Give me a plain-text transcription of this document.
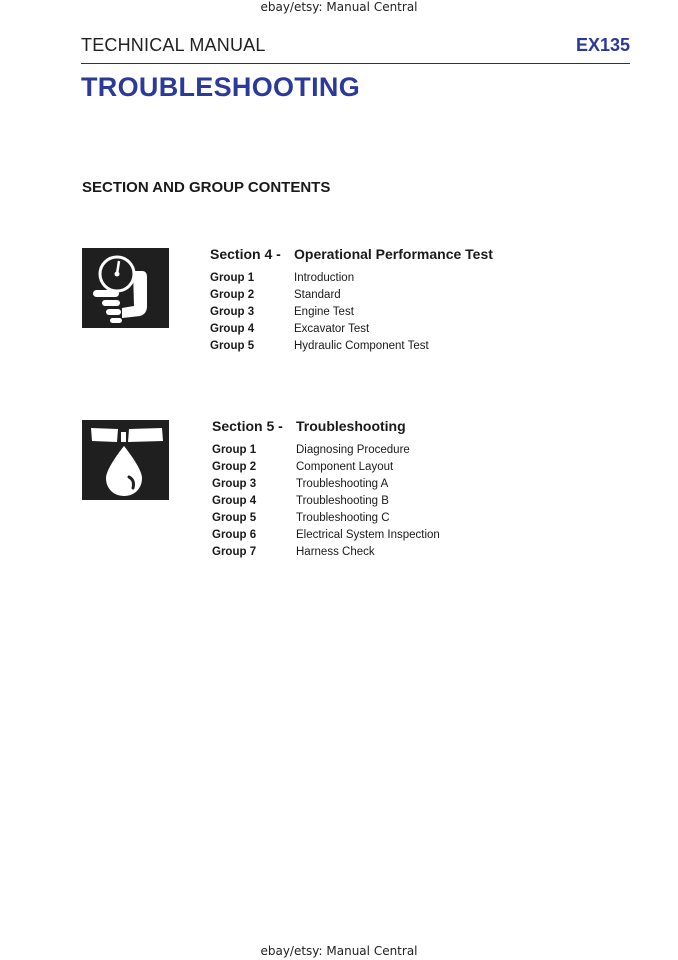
ebay/etsy: Manual Central
TECHNICAL MANUAL	EX135
TROUBLESHOOTING
SECTION AND GROUP CONTENTS
Section 4 - Operational Performance Test
Group 1	Introduction
Group 2	Standard
Group 3	Engine Test
Group 4	Excavator Test
Group 5	Hydraulic Component Test
Section 5 - Troubleshooting
Group 1	Diagnosing Procedure
Group 2	Component Layout
Group 3	Troubleshooting A
Group 4	Troubleshooting B
Group 5	Troubleshooting C
Group 6	Electrical System Inspection
Group 7	Harness Check
ebay/etsy: Manual Central
